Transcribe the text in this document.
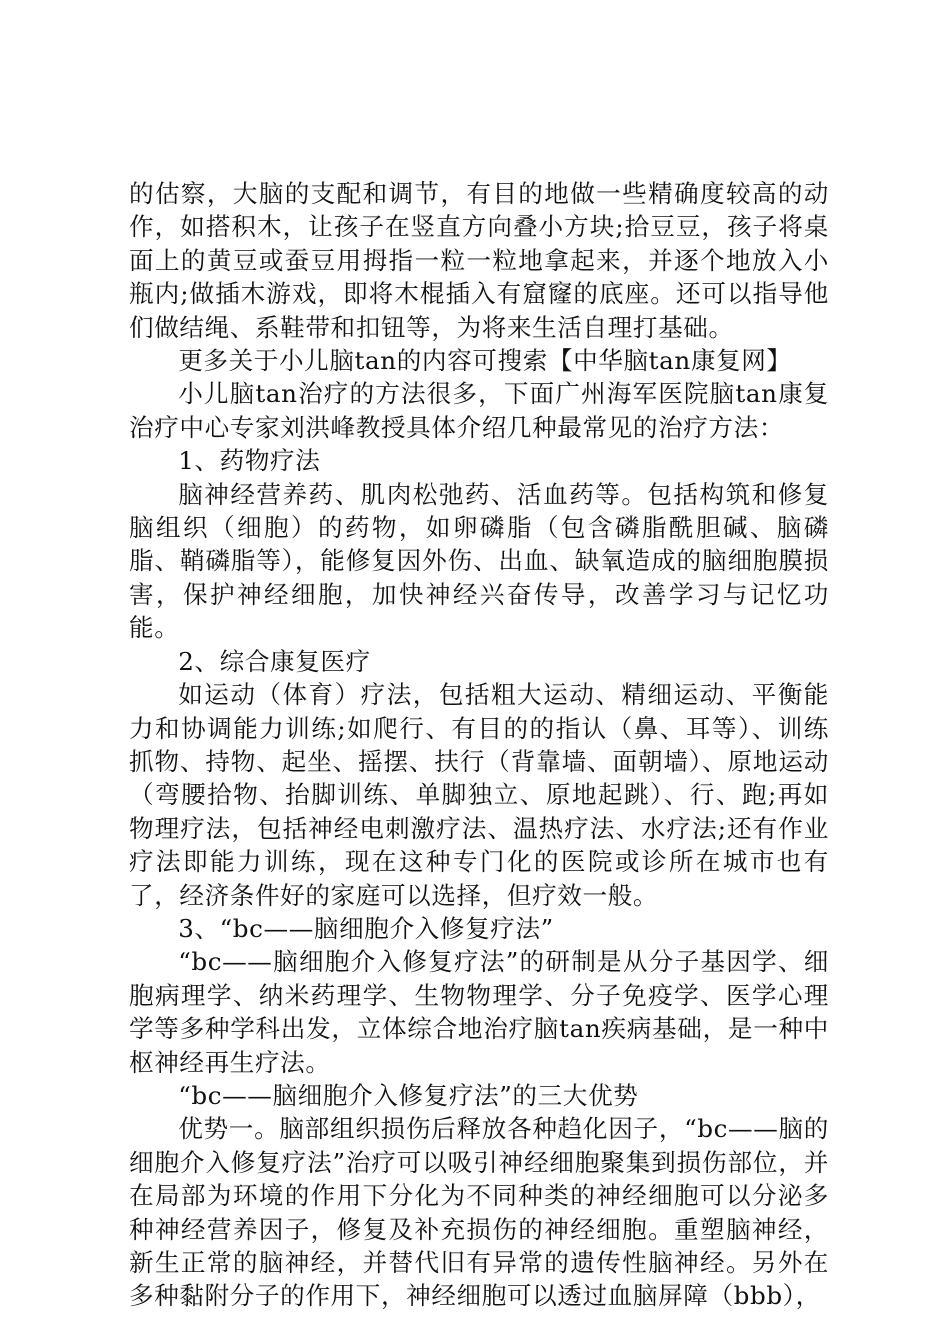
的估察，大脑的支配和调节，有目的地做一些精确度较高的动作，如搭积木，让孩子在竖直方向叠小方块;拾豆豆，孩子将桌面上的黄豆或蚕豆用拇指一粒一粒地拿起来，并逐个地放入小瓶内;做插木游戏，即将木棍插入有窟窿的底座。还可以指导他们做结绳、系鞋带和扣钮等，为将来生活自理打基础。

更多关于小儿脑tan的内容可搜索【中华脑tan康复网】

小儿脑tan治疗的方法很多，下面广州海军医院脑tan康复治疗中心专家刘洪峰教授具体介绍几种最常见的治疗方法：

1、药物疗法

脑神经营养药、肌肉松弛药、活血药等。包括构筑和修复脑组织（细胞）的药物，如卵磷脂（包含磷脂酰胆碱、脑磷脂、鞘磷脂等），能修复因外伤、出血、缺氧造成的脑细胞膜损害，保护神经细胞，加快神经兴奋传导，改善学习与记忆功能。

2、综合康复医疗

如运动（体育）疗法，包括粗大运动、精细运动、平衡能力和协调能力训练;如爬行、有目的的指认（鼻、耳等）、训练抓物、持物、起坐、摇摆、扶行（背靠墙、面朝墙）、原地运动（弯腰拾物、抬脚训练、单脚独立、原地起跳）、行、跑;再如物理疗法，包括神经电刺激疗法、温热疗法、水疗法;还有作业疗法即能力训练，现在这种专门化的医院或诊所在城市也有了，经济条件好的家庭可以选择，但疗效一般。

3、“bc——脑细胞介入修复疗法”

“bc——脑细胞介入修复疗法”的研制是从分子基因学、细胞病理学、纳米药理学、生物物理学、分子免疫学、医学心理学等多种学科出发，立体综合地治疗脑tan疾病基础，是一种中枢神经再生疗法。

“bc——脑细胞介入修复疗法”的三大优势

优势一。脑部组织损伤后释放各种趋化因子，“bc——脑的细胞介入修复疗法”治疗可以吸引神经细胞聚集到损伤部位，并在局部为环境的作用下分化为不同种类的神经细胞可以分泌多种神经营养因子，修复及补充损伤的神经细胞。重塑脑神经，新生正常的脑神经，并替代旧有异常的遗传性脑神经。另外在多种黏附分子的作用下，神经细胞可以透过血脑屏障（bbb），
